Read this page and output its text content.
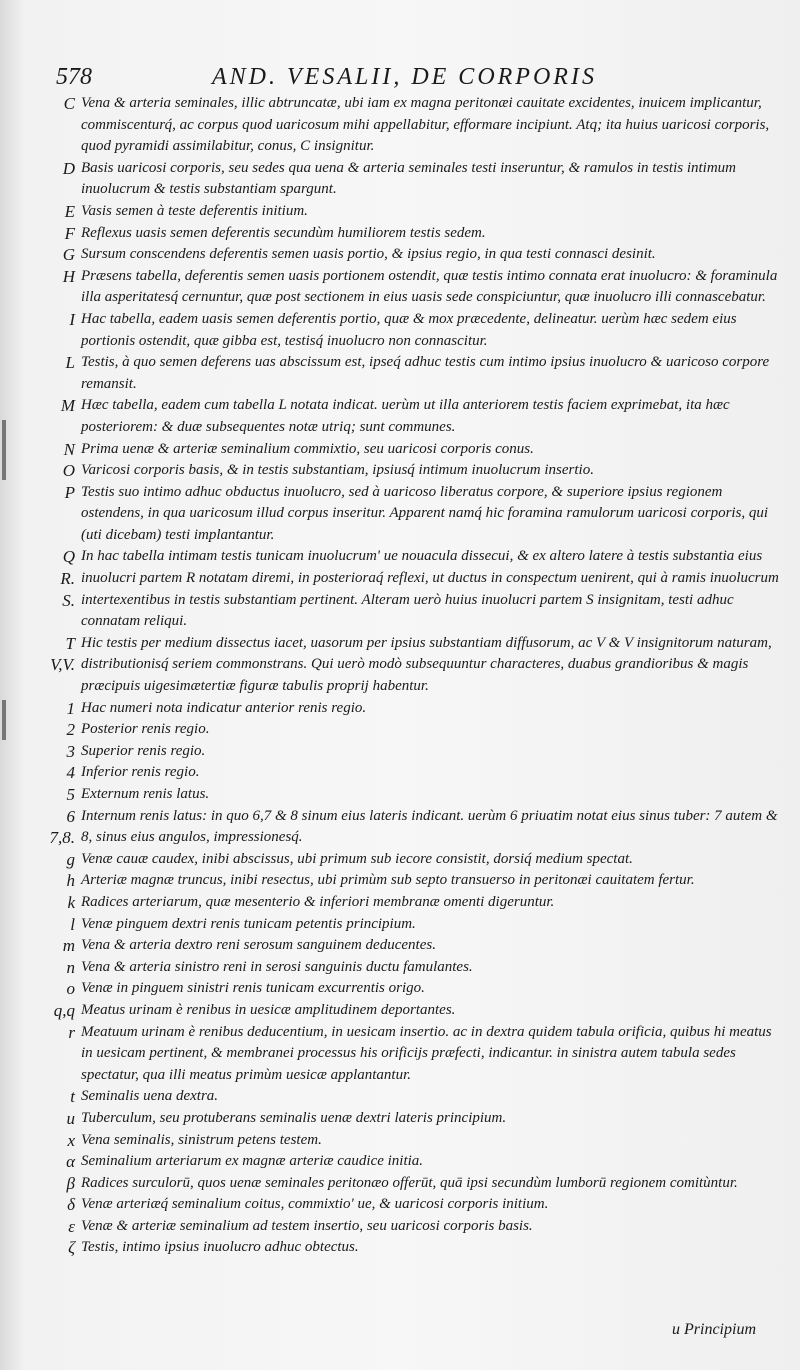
578	AND. VESALII, DE CORPORIS
C Vena & arteria seminales, illic abtruncatæ, ubi iam ex magna peritonæi cauitate excidentes, inuicem implicantur, commiscenturq́, ac corpus quod uaricosum mihi appellabitur, efformare incipiunt. Atq; ita huius uaricosi corporis, quod pyramidi assimilabitur, conus, C insignitur.
D Basis uaricosi corporis, seu sedes qua uena & arteria seminales testi inseruntur, & ramulos in testis intimum inuolucrum & testis substantiam spargunt.
E Vasis semen à teste deferentis initium.
F Reflexus uasis semen deferentis secundùm humiliorem testis sedem.
G Sursum conscendens deferentis semen uasis portio, & ipsius regio, in qua testi connasci desinit.
H Præsens tabella, deferentis semen uasis portionem ostendit, quæ testis intimo connata erat inuolucro: & foraminula illa asperitatesq́ cernuntur, quæ post sectionem in eius uasis sede conspiciuntur, quæ inuolucro illi connascebatur.
I Hac tabella, eadem uasis semen deferentis portio, quæ & mox præcedente, delineatur. uerùm hæc sedem eius portionis ostendit, quæ gibba est, testisq́ inuolucro non connascitur.
L Testis, à quo semen deferens uas abscissum est, ipseq́ adhuc testis cum intimo ipsius inuolucro & uaricoso corpore remansit.
M Hæc tabella, eadem cum tabella L notata indicat. uerùm ut illa anteriorem testis faciem exprimebat, ita hæc posteriorem: & duæ subsequentes notæ utriq; sunt communes.
N Prima uenæ & arteriæ seminalium commixtio, seu uaricosi corporis conus.
O Varicosi corporis basis, & in testis substantiam, ipsiusq́ intimum inuolucrum insertio.
P Testis suo intimo adhuc obductus inuolucro, sed à uaricoso liberatus corpore, & superiore ipsius regionem ostendens, in qua uaricosum illud corpus inseritur. Apparent namq́ hic foramina ramulorum uaricosi corporis, qui (uti dicebam) testi implantantur.
Q
R.
S.
In hac tabella intimam testis tunicam inuolucrum' ue nouacula dissecui, & ex altero latere à testis substantia eius inuolucri partem R notatam diremi, in posterioraq́ reflexi, ut ductus in conspectum uenirent, qui à ramis inuolucrum intertexentibus in testis substantiam pertinent. Alteram uerò huius inuolucri partem S insignitam, testi adhuc connatam reliqui.
T
V,V.
Hic testis per medium dissectus iacet, uasorum per ipsius substantiam diffusorum, ac V & V insignitorum naturam, distributionisq́ seriem commonstrans. Qui uerò modò subsequuntur characteres, duabus grandioribus & magis præcipuis uigesimætertiæ figuræ tabulis proprij habentur.
1 Hac numeri nota indicatur anterior renis regio.
2 Posterior renis regio.
3 Superior renis regio.
4 Inferior renis regio.
5 Externum renis latus.
6
7,8.
Internum renis latus: in quo 6,7 & 8 sinum eius lateris indicant. uerùm 6 priuatim notat eius sinus tuber: 7 autem & 8, sinus eius angulos, impressionesq́.
g Venæ cauæ caudex, inibi abscissus, ubi primum sub iecore consistit, dorsiq́ medium spectat.
h Arteriæ magnæ truncus, inibi resectus, ubi primùm sub septo transuerso in peritonæi cauitatem fertur.
k Radices arteriarum, quæ mesenterio & inferiori membranæ omenti digeruntur.
l Venæ pinguem dextri renis tunicam petentis principium.
m Vena & arteria dextro reni serosum sanguinem deducentes.
n Vena & arteria sinistro reni in serosi sanguinis ductu famulantes.
o Venæ in pinguem sinistri renis tunicam excurrentis origo.
q,q Meatus urinam è renibus in uesicæ amplitudinem deportantes.
r Meatuum urinam è renibus deducentium, in uesicam insertio. ac in dextra quidem tabula orificia, quibus hi meatus in uesicam pertinent, & membranei processus his orificijs præfecti, indicantur. in sinistra autem tabula sedes spectatur, qua illi meatus primùm uesicæ applantantur.
t Seminalis uena dextra.
u Tuberculum, seu protuberans seminalis uenæ dextri lateris principium.
x Vena seminalis, sinistrum petens testem.
α Seminalium arteriarum ex magnæ arteriæ caudice initia.
β Radices surculorū, quos uenæ seminales peritonæo offerūt, quā ipsi secundùm lumborū regionem comitùntur.
δ Venæ arteriæq́ seminalium coitus, commixtio' ue, & uaricosi corporis initium.
ε Venæ & arteriæ seminalium ad testem insertio, seu uaricosi corporis basis.
ζ Testis, intimo ipsius inuolucro adhuc obtectus.
u Principium
